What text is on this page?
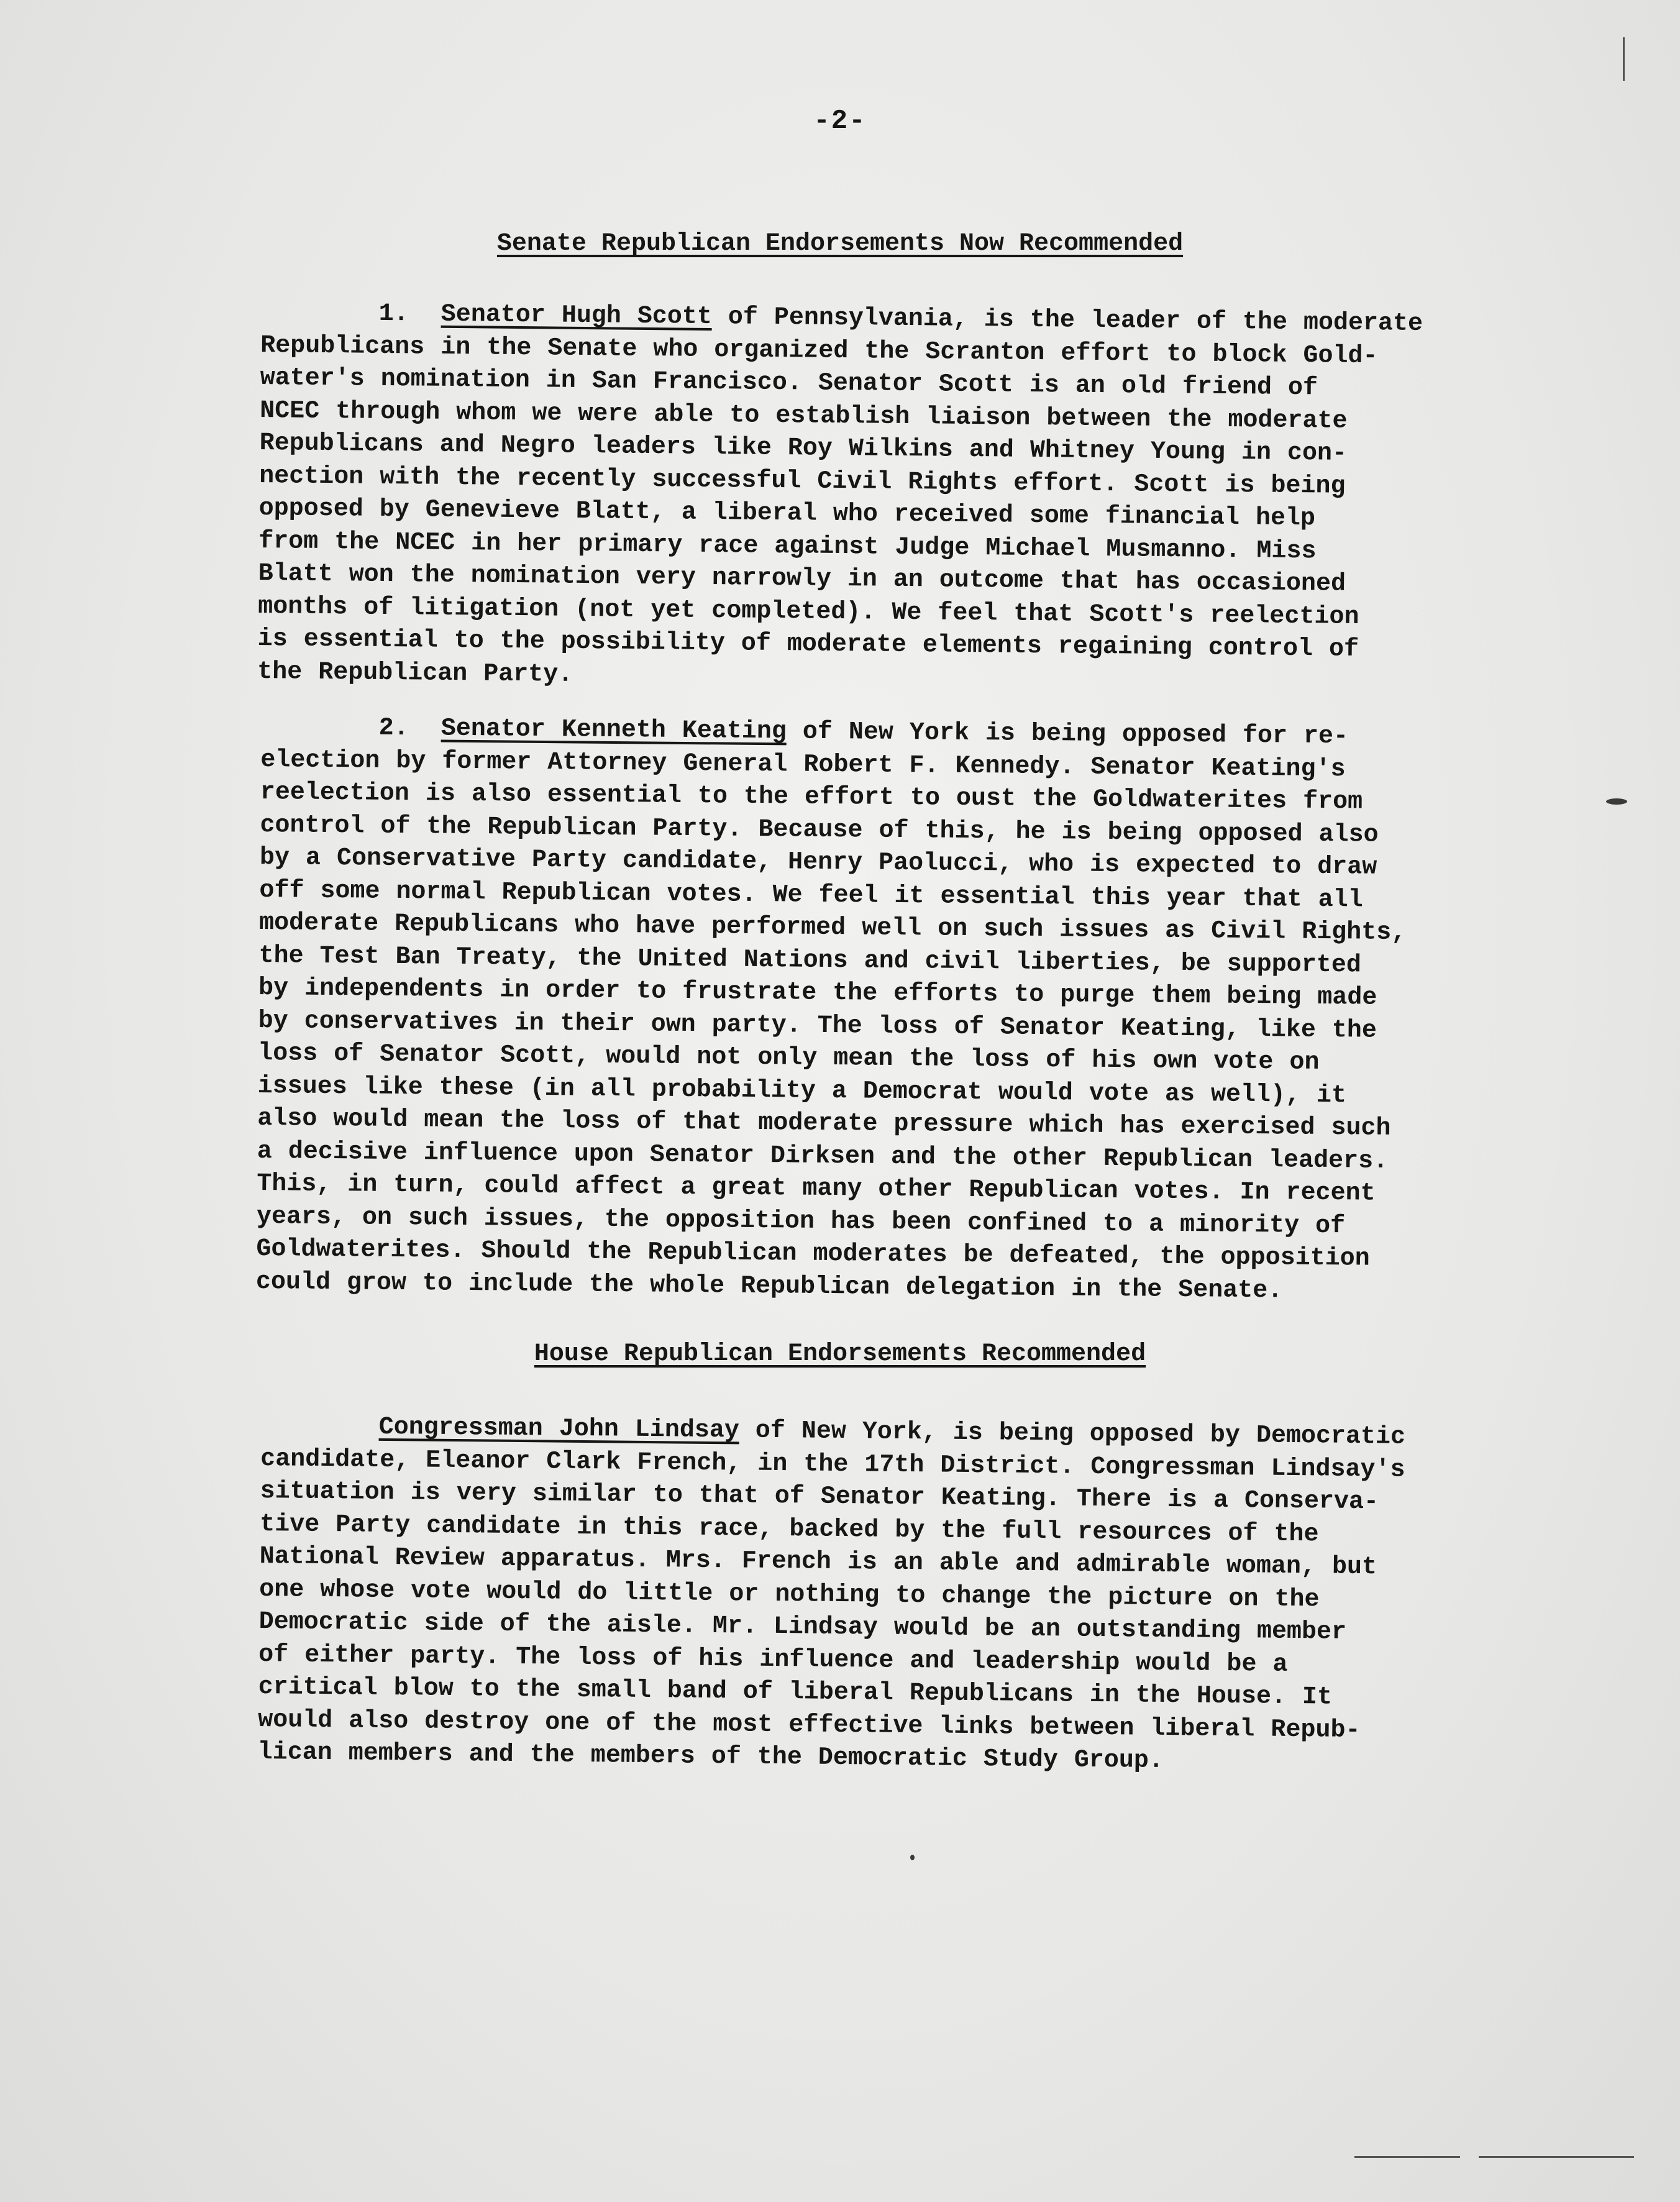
-2-
Senate Republican Endorsements Now Recommended
1. Senator Hugh Scott of Pennsylvania, is the leader of the moderate
Republicans in the Senate who organized the Scranton effort to block Gold-
water's nomination in San Francisco. Senator Scott is an old friend of
NCEC through whom we were able to establish liaison between the moderate
Republicans and Negro leaders like Roy Wilkins and Whitney Young in con-
nection with the recently successful Civil Rights effort. Scott is being
opposed by Genevieve Blatt, a liberal who received some financial help
from the NCEC in her primary race against Judge Michael Musmanno. Miss
Blatt won the nomination very narrowly in an outcome that has occasioned
months of litigation (not yet completed). We feel that Scott's reelection
is essential to the possibility of moderate elements regaining control of
the Republican Party.
2. Senator Kenneth Keating of New York is being opposed for re-
election by former Attorney General Robert F. Kennedy. Senator Keating's
reelection is also essential to the effort to oust the Goldwaterites from
control of the Republican Party. Because of this, he is being opposed also
by a Conservative Party candidate, Henry Paolucci, who is expected to draw
off some normal Republican votes. We feel it essential this year that all
moderate Republicans who have performed well on such issues as Civil Rights,
the Test Ban Treaty, the United Nations and civil liberties, be supported
by independents in order to frustrate the efforts to purge them being made
by conservatives in their own party. The loss of Senator Keating, like the
loss of Senator Scott, would not only mean the loss of his own vote on
issues like these (in all probability a Democrat would vote as well), it
also would mean the loss of that moderate pressure which has exercised such
a decisive influence upon Senator Dirksen and the other Republican leaders.
This, in turn, could affect a great many other Republican votes. In recent
years, on such issues, the opposition has been confined to a minority of
Goldwaterites. Should the Republican moderates be defeated, the opposition
could grow to include the whole Republican delegation in the Senate.
House Republican Endorsements Recommended
Congressman John Lindsay of New York, is being opposed by Democratic
candidate, Eleanor Clark French, in the 17th District. Congressman Lindsay's
situation is very similar to that of Senator Keating. There is a Conserva-
tive Party candidate in this race, backed by the full resources of the
National Review apparatus. Mrs. French is an able and admirable woman, but
one whose vote would do little or nothing to change the picture on the
Democratic side of the aisle. Mr. Lindsay would be an outstanding member
of either party. The loss of his influence and leadership would be a
critical blow to the small band of liberal Republicans in the House. It
would also destroy one of the most effective links between liberal Repub-
lican members and the members of the Democratic Study Group.
